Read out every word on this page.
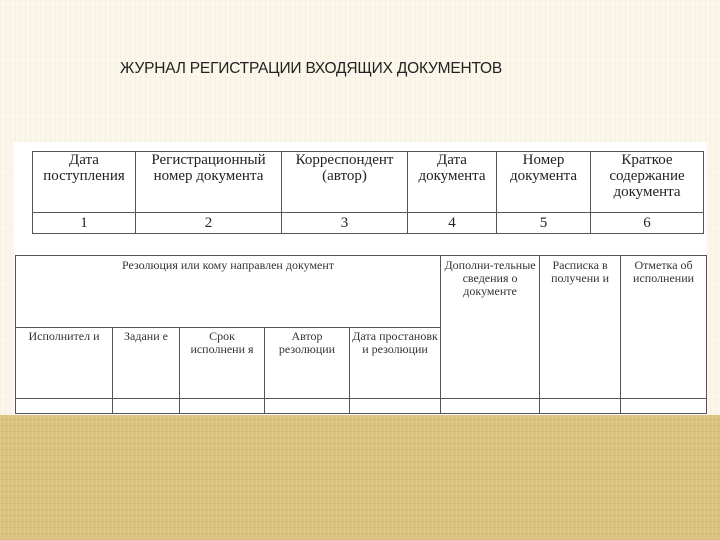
ЖУРНАЛ РЕГИСТРАЦИИ ВХОДЯЩИХ ДОКУМЕНТОВ
Дата поступления	Регистрационный номер документа	Корреспондент (автор)	Дата документа	Номер документа	Краткое содержание документа
1	2	3	4	5	6
Резолюция или кому направлен документ					Дополни-тельные сведения о документе	Расписка в получени и	Отметка об исполнении
Исполнител и	Задани е	Срок исполнени я	Автор резолюции	Дата простановк и резолюции			
